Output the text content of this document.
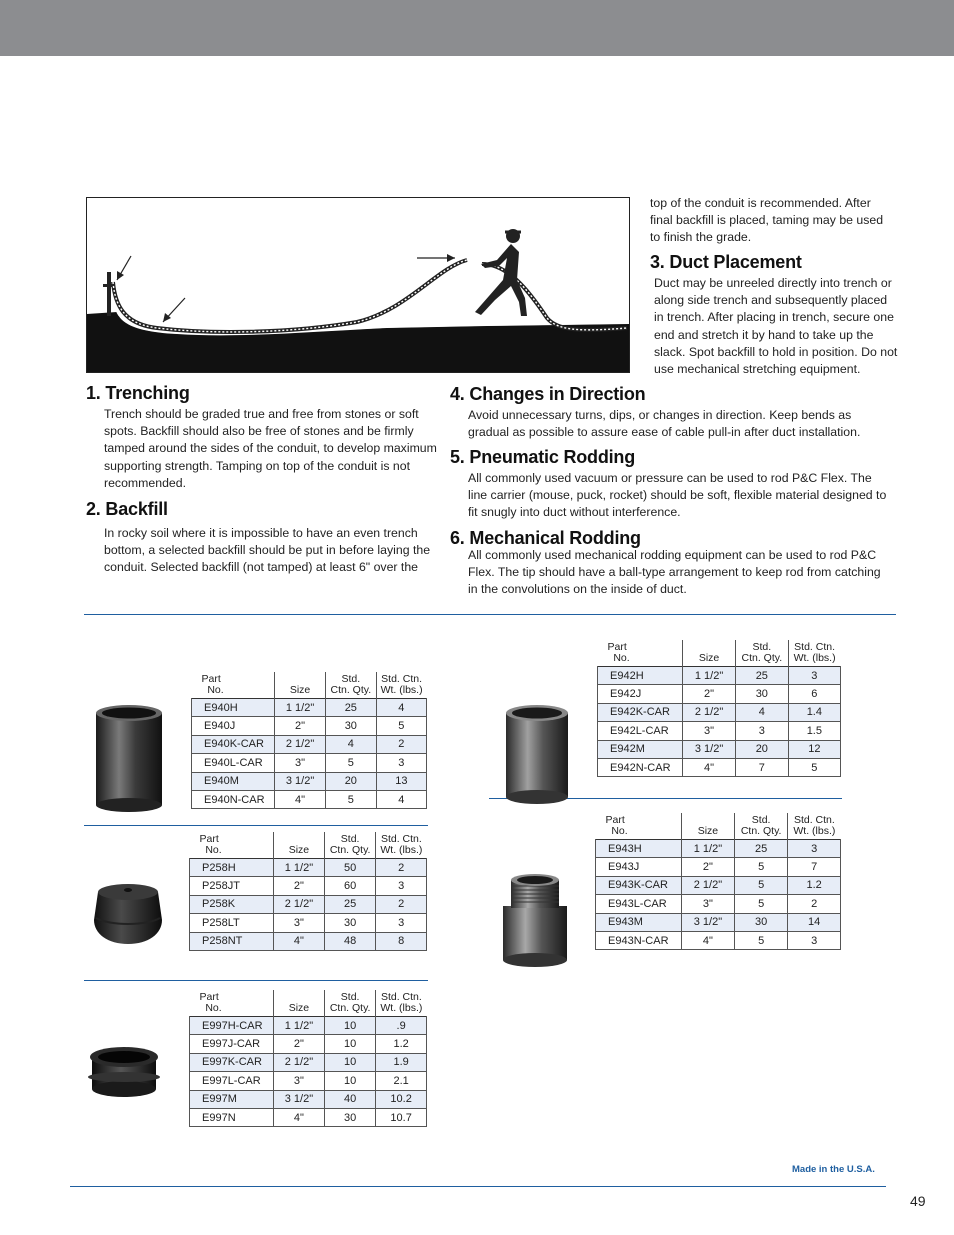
top of the conduit is recommended. After final backfill is placed, taming may be used to finish the grade.

3. Duct Placement

Duct may be unreeled directly into trench or along side trench and subsequently placed in trench. After placing in trench, secure one end and stretch it by hand to take up the slack. Spot backfill to hold in position. Do not use mechanical stretching equipment.

1. Trenching

Trench should be graded true and free from stones or soft spots. Backfill should also be free of stones and be firmly tamped around the sides of the conduit, to develop maximum supporting strength. Tamping on top of the conduit is not recommended.

2. Backfill

In rocky soil where it is impossible to have an even trench bottom, a selected backfill should be put in before laying the conduit. Selected backfill (not tamped) at least 6" over the

4. Changes in Direction

Avoid unnecessary turns, dips, or changes in direction. Keep bends as gradual as possible to assure ease of cable pull-in after duct installation.

5. Pneumatic Rodding

All commonly used vacuum or pressure can be used to rod P&C Flex. The line carrier (mouse, puck, rocket) should be soft, flexible material designed to fit snugly into duct without interference.

6. Mechanical Rodding

All commonly used mechanical rodding equipment can be used to rod P&C Flex. The tip should have a ball-type arrangement to keep rod from catching in the convolutions on the inside of duct.

Part
No.	Size	Std.
Ctn. Qty.	Std. Ctn.
Wt. (lbs.)
E940H	1 1/2"	25	4
E940J	2"	30	5
E940K-CAR	2 1/2"	4	2
E940L-CAR	3"	5	3
E940M	3 1/2"	20	13
E940N-CAR	4"	5	4
Part
No.	Size	Std.
Ctn. Qty.	Std. Ctn.
Wt. (lbs.)
P258H	1 1/2"	50	2
P258JT	2"	60	3
P258K	2 1/2"	25	2
P258LT	3"	30	3
P258NT	4"	48	8
Part
No.	Size	Std.
Ctn. Qty.	Std. Ctn.
Wt. (lbs.)
E997H-CAR	1 1/2"	10	.9
E997J-CAR	2"	10	1.2
E997K-CAR	2 1/2"	10	1.9
E997L-CAR	3"	10	2.1
E997M	3 1/2"	40	10.2
E997N	4"	30	10.7
Part
No.	Size	Std.
Ctn. Qty.	Std. Ctn.
Wt. (lbs.)
E942H	1 1/2"	25	3
E942J	2"	30	6
E942K-CAR	2 1/2"	4	1.4
E942L-CAR	3"	3	1.5
E942M	3 1/2"	20	12
E942N-CAR	4"	7	5
Part
No.	Size	Std.
Ctn. Qty.	Std. Ctn.
Wt. (lbs.)
E943H	1 1/2"	25	3
E943J	2"	5	7
E943K-CAR	2 1/2"	5	1.2
E943L-CAR	3"	5	2
E943M	3 1/2"	30	14
E943N-CAR	4"	5	3
Made in the U.S.A.
49
